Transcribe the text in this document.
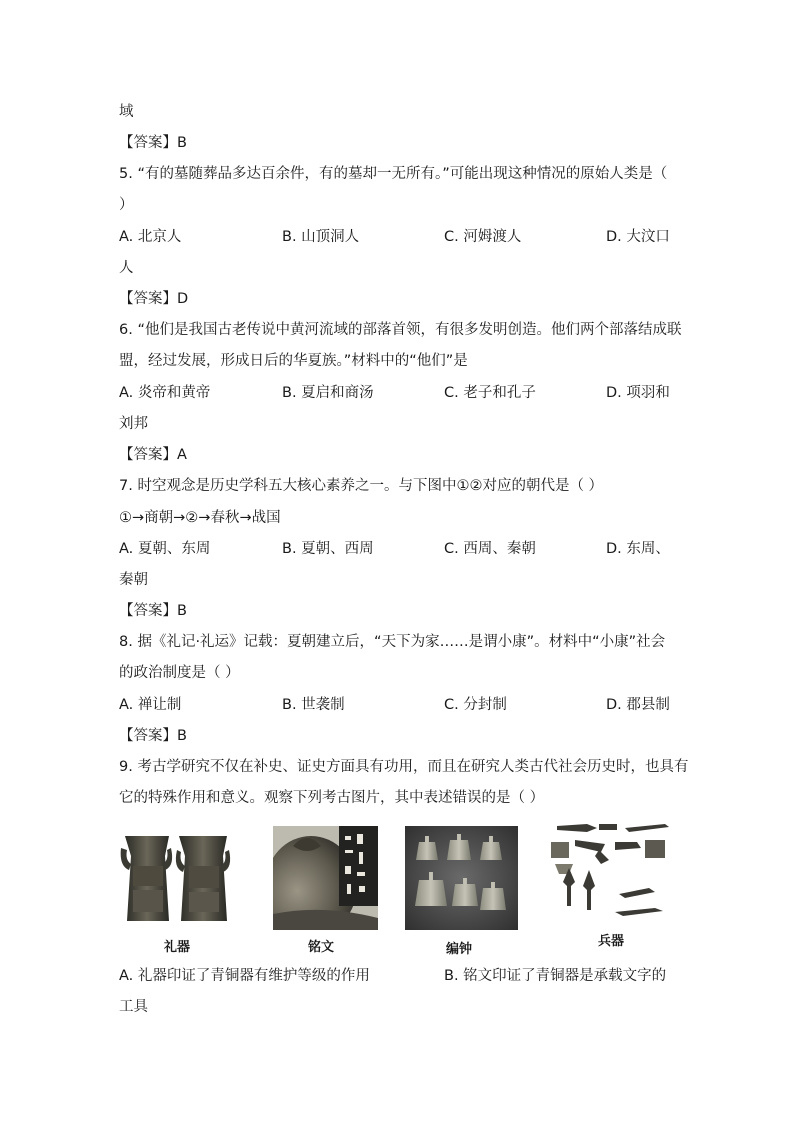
域
【答案】B
5. “有的墓随葬品多达百余件，有的墓却一无所有。”可能出现这种情况的原始人类是（
）
A. 北京人	B. 山顶洞人	C. 河姆渡人	D. 大汶口
人
【答案】D
6. “他们是我国古老传说中黄河流域的部落首领，有很多发明创造。他们两个部落结成联
盟，经过发展，形成日后的华夏族。”材料中的“他们”是
A. 炎帝和黄帝	B. 夏启和商汤	C. 老子和孔子	D. 项羽和
刘邦
【答案】A
7. 时空观念是历史学科五大核心素养之一。与下图中①②对应的朝代是（ ）
①→商朝→②→春秋→战国
A. 夏朝、东周	B. 夏朝、西周	C. 西周、秦朝	D. 东周、
秦朝
【答案】B
8. 据《礼记·礼运》记载：夏朝建立后，“天下为家……是谓小康”。材料中“小康”社会
的政治制度是（ ）
A. 禅让制	B. 世袭制	C. 分封制	D. 郡县制
【答案】B
9. 考古学研究不仅在补史、证史方面具有功用，而且在研究人类古代社会历史时，也具有
它的特殊作用和意义。观察下列考古图片，其中表述错误的是（ ）
礼器	铭文	编钟
兵器
A. 礼器印证了青铜器有维护等级的作用	B. 铭文印证了青铜器是承载文字的
工具
